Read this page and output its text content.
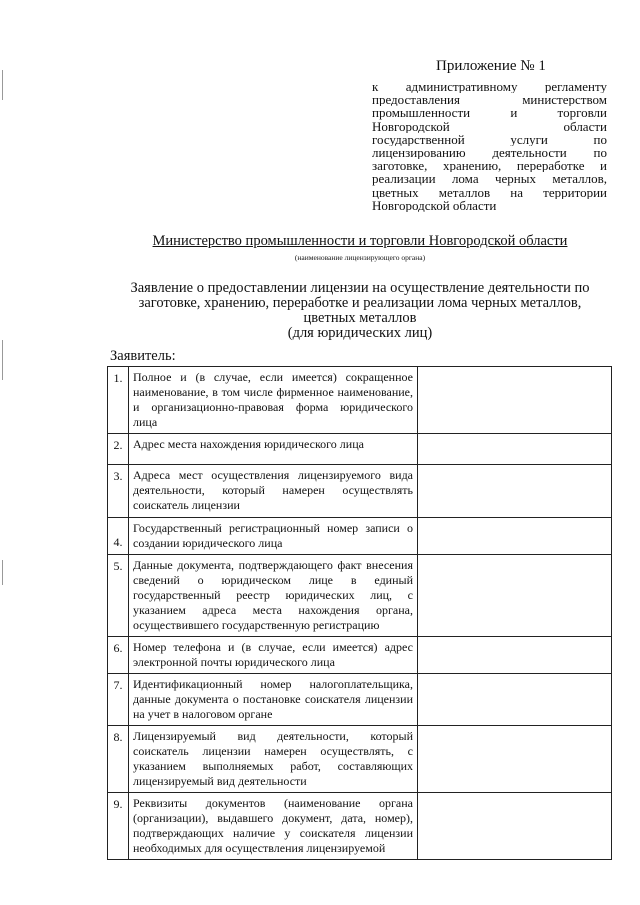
Приложение № 1
к административному регламенту
предоставления министерством
промышленности и торговли
Новгородской области
государственной услуги по
лицензированию деятельности по
заготовке, хранению, переработке и
реализации лома черных металлов,
цветных металлов на территории
Новгородской области
Министерство промышленности и торговли Новгородской области
(наименование лицензирующего органа)
Заявление о предоставлении лицензии на осуществление деятельности по
заготовке, хранению, переработке и реализации лома черных металлов,
цветных металлов
(для юридических лиц)
Заявитель:
1.	Полное и (в случае, если имеется) сокращенное наименование, в том числе фирменное наименование, и организационно-правовая форма юридического лица	
2.	Адрес места нахождения юридического лица	
3.	Адреса мест осуществления лицензируемого вида деятельности, который намерен осуществлять соискатель лицензии	
4.	Государственный регистрационный номер записи о создании юридического лица	
5.	Данные документа, подтверждающего факт внесения сведений о юридическом лице в единый государственный реестр юридических лиц, с указанием адреса места нахождения органа, осуществившего государственную регистрацию	
6.	Номер телефона и (в случае, если имеется) адрес электронной почты юридического лица	
7.	Идентификационный номер налогоплательщика, данные документа о постановке соискателя лицензии на учет в налоговом органе	
8.	Лицензируемый вид деятельности, который соискатель лицензии намерен осуществлять, с указанием выполняемых работ, составляющих лицензируемый вид деятельности	
9.	Реквизиты документов (наименование органа (организации), выдавшего документ, дата, номер), подтверждающих наличие у соискателя лицензии необходимых для осуществления лицензируемой	
